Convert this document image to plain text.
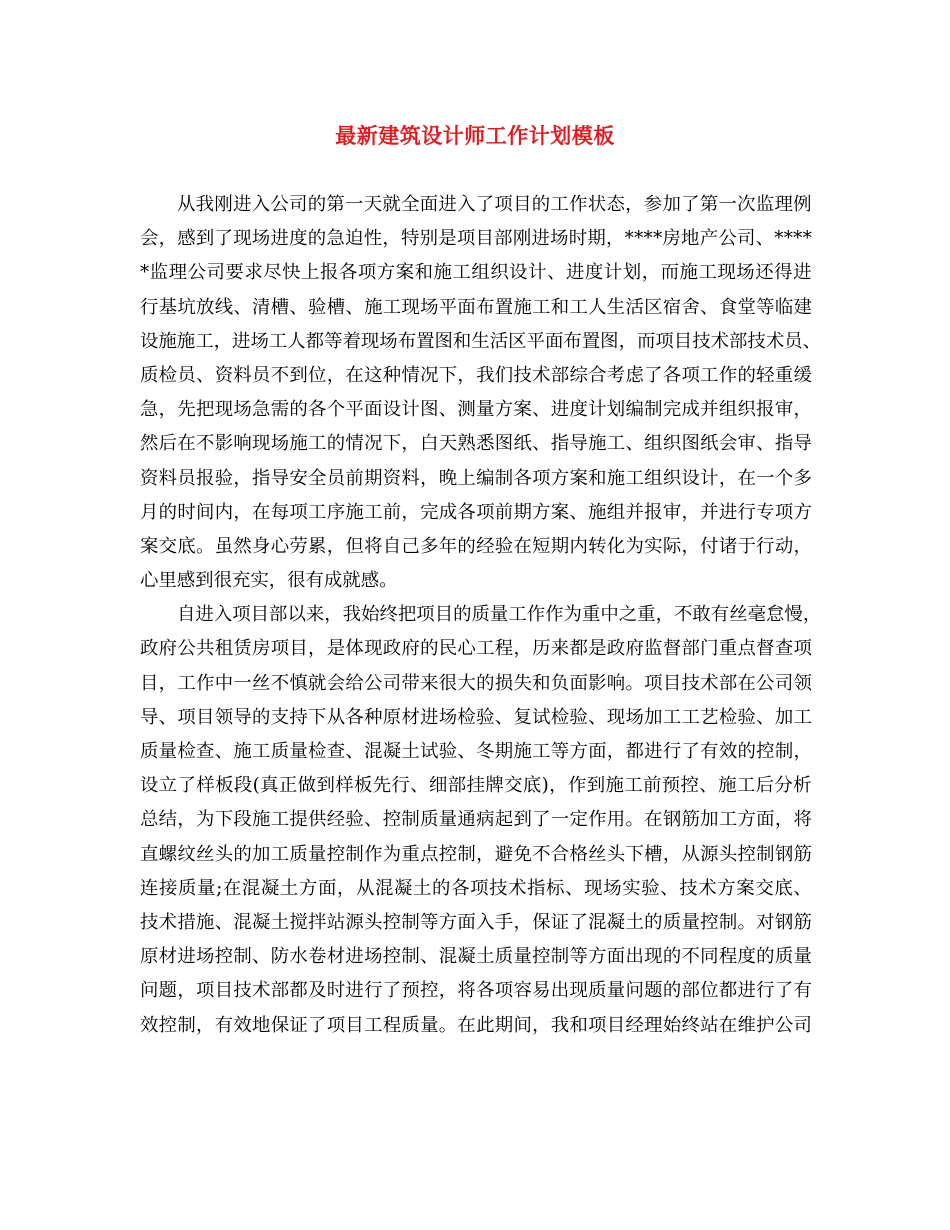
最新建筑设计师工作计划模板
从 我 刚 进 入 公 司 的 第 一 天 就 全 面 进 入 了 项 目 的 工 作 状 态 ， 参 加 了 第 一 次 监 理 例
会 ， 感 到 了 现 场 进 度 的 急 迫 性 ， 特 别 是 项 目 部 刚 进 场 时 期 ， * * * * 房 地 产 公 司 、 * * * *
* 监 理 公 司 要 求 尽 快 上 报 各 项 方 案 和 施 工 组 织 设 计 、 进 度 计 划 ， 而 施 工 现 场 还 得 进
行 基 坑 放 线 、 清 槽 、 验 槽 、 施 工 现 场 平 面 布 置 施 工 和 工 人 生 活 区 宿 舍 、 食 堂 等 临 建
设 施 施 工 ， 进 场 工 人 都 等 着 现 场 布 置 图 和 生 活 区 平 面 布 置 图 ， 而 项 目 技 术 部 技 术 员 、
质 检 员 、 资 料 员 不 到 位 ， 在 这 种 情 况 下 ， 我 们 技 术 部 综 合 考 虑 了 各 项 工 作 的 轻 重 缓
急 ， 先 把 现 场 急 需 的 各 个 平 面 设 计 图 、 测 量 方 案 、 进 度 计 划 编 制 完 成 并 组 织 报 审 ，
然 后 在 不 影 响 现 场 施 工 的 情 况 下 ， 白 天 熟 悉 图 纸 、 指 导 施 工 、 组 织 图 纸 会 审 、 指 导
资 料 员 报 验 ， 指 导 安 全 员 前 期 资 料 ， 晚 上 编 制 各 项 方 案 和 施 工 组 织 设 计 ， 在 一 个 多
月 的 时 间 内 ， 在 每 项 工 序 施 工 前 ， 完 成 各 项 前 期 方 案 、 施 组 并 报 审 ， 并 进 行 专 项 方
案 交 底 。 虽 然 身 心 劳 累 ， 但 将 自 己 多 年 的 经 验 在 短 期 内 转 化 为 实 际 ， 付 诸 于 行 动 ，
心里感到很充实，很有成就感。
自 进 入 项 目 部 以 来 ， 我 始 终 把 项 目 的 质 量 工 作 作 为 重 中 之 重 ， 不 敢 有 丝 毫 怠 慢 ，
政 府 公 共 租 赁 房 项 目 ， 是 体 现 政 府 的 民 心 工 程 ， 历 来 都 是 政 府 监 督 部 门 重 点 督 查 项
目 ， 工 作 中 一 丝 不 慎 就 会 给 公 司 带 来 很 大 的 损 失 和 负 面 影 响 。 项 目 技 术 部 在 公 司 领
导 、 项 目 领 导 的 支 持 下 从 各 种 原 材 进 场 检 验 、 复 试 检 验 、 现 场 加 工 工 艺 检 验 、 加 工
质 量 检 查 、 施 工 质 量 检 查 、 混 凝 土 试 验 、 冬 期 施 工 等 方 面 ， 都 进 行 了 有 效 的 控 制 ，
设 立 了 样 板 段 ( 真 正 做 到 样 板 先 行 、 细 部 挂 牌 交 底 ) ， 作 到 施 工 前 预 控 、 施 工 后 分 析
总 结 ， 为 下 段 施 工 提 供 经 验 、 控 制 质 量 通 病 起 到 了 一 定 作 用 。 在 钢 筋 加 工 方 面 ， 将
直 螺 纹 丝 头 的 加 工 质 量 控 制 作 为 重 点 控 制 ， 避 免 不 合 格 丝 头 下 槽 ， 从 源 头 控 制 钢 筋
连 接 质 量 ; 在 混 凝 土 方 面 ， 从 混 凝 土 的 各 项 技 术 指 标 、 现 场 实 验 、 技 术 方 案 交 底 、
技 术 措 施 、 混 凝 土 搅 拌 站 源 头 控 制 等 方 面 入 手 ， 保 证 了 混 凝 土 的 质 量 控 制 。 对 钢 筋
原 材 进 场 控 制 、 防 水 卷 材 进 场 控 制 、 混 凝 土 质 量 控 制 等 方 面 出 现 的 不 同 程 度 的 质 量
问 题 ， 项 目 技 术 部 都 及 时 进 行 了 预 控 ， 将 各 项 容 易 出 现 质 量 问 题 的 部 位 都 进 行 了 有
效 控 制 ， 有 效 地 保 证 了 项 目 工 程 质 量 。 在 此 期 间 ， 我 和 项 目 经 理 始 终 站 在 维 护 公 司
